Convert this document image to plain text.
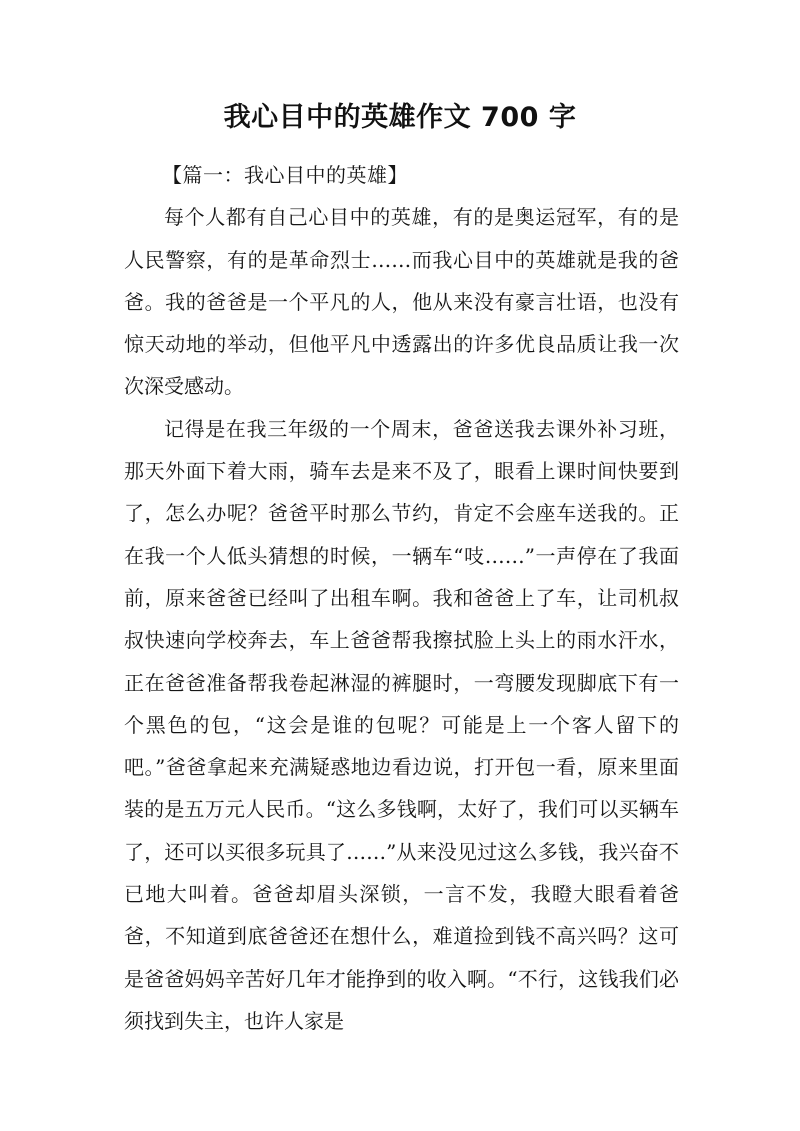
我心目中的英雄作文 700 字

【篇一：我心目中的英雄】

每个人都有自己心目中的英雄，有的是奥运冠军，有的是人民警察，有的是革命烈士……而我心目中的英雄就是我的爸爸。我的爸爸是一个平凡的人，他从来没有豪言壮语，也没有惊天动地的举动，但他平凡中透露出的许多优良品质让我一次次深受感动。

记得是在我三年级的一个周末，爸爸送我去课外补习班，那天外面下着大雨，骑车去是来不及了，眼看上课时间快要到了，怎么办呢？爸爸平时那么节约，肯定不会座车送我的。正在我一个人低头猜想的时候，一辆车“吱……”一声停在了我面前，原来爸爸已经叫了出租车啊。我和爸爸上了车，让司机叔叔快速向学校奔去，车上爸爸帮我擦拭脸上头上的雨水汗水，正在爸爸准备帮我卷起淋湿的裤腿时，一弯腰发现脚底下有一个黑色的包，“这会是谁的包呢？可能是上一个客人留下的吧。”爸爸拿起来充满疑惑地边看边说，打开包一看，原来里面装的是五万元人民币。“这么多钱啊，太好了，我们可以买辆车了，还可以买很多玩具了……”从来没见过这么多钱，我兴奋不已地大叫着。爸爸却眉头深锁，一言不发，我瞪大眼看着爸爸，不知道到底爸爸还在想什么，难道捡到钱不高兴吗？这可是爸爸妈妈辛苦好几年才能挣到的收入啊。“不行，这钱我们必须找到失主，也许人家是
